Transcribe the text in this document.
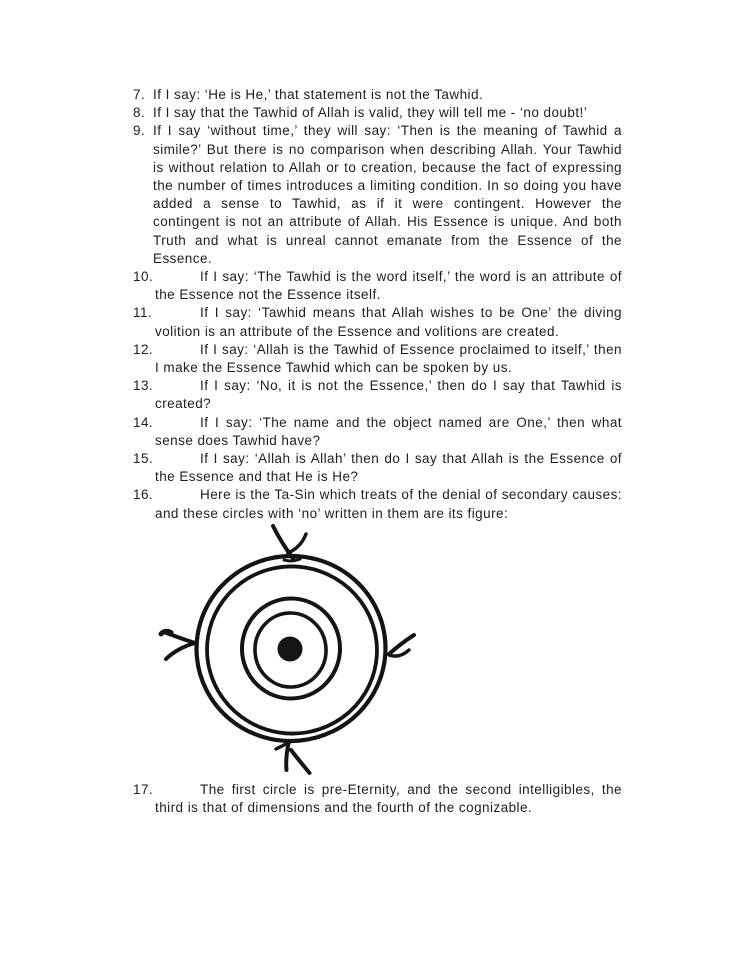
7. If I say: ‘He is He,’ that statement is not the Tawhid.

8. If I say that the Tawhid of Allah is valid, they will tell me - ‘no doubt!’

9. If I say ‘without time,’ they will say: ‘Then is the meaning of Tawhid a simile?’ But there is no comparison when describing Allah. Your Tawhid is without relation to Allah or to creation, because the fact of expressing the number of times introduces a limiting condition. In so doing you have added a sense to Tawhid, as if it were contingent. However the contingent is not an attribute of Allah. His Essence is unique. And both Truth and what is unreal cannot emanate from the Essence of the Essence.

10.	If I say: ‘The Tawhid is the word itself,’ the word is an attribute of the Essence not the Essence itself.

11.	If I say: ‘Tawhid means that Allah wishes to be One’ the diving volition is an attribute of the Essence and volitions are created.

12.	If I say: ‘Allah is the Tawhid of Essence proclaimed to itself,’ then I make the Essence Tawhid which can be spoken by us.

13.	If I say: ‘No, it is not the Essence,’ then do I say that Tawhid is created?

14.	If I say: ‘The name and the object named are One,’ then what sense does Tawhid have?

15.	If I say: ‘Allah is Allah’ then do I say that Allah is the Essence of the Essence and that He is He?

16.	Here is the Ta-Sin which treats of the denial of secondary causes: and these circles with ‘no’ written in them are its figure:

17.	The first circle is pre-Eternity, and the second intelligibles, the third is that of dimensions and the fourth of the cognizable.
